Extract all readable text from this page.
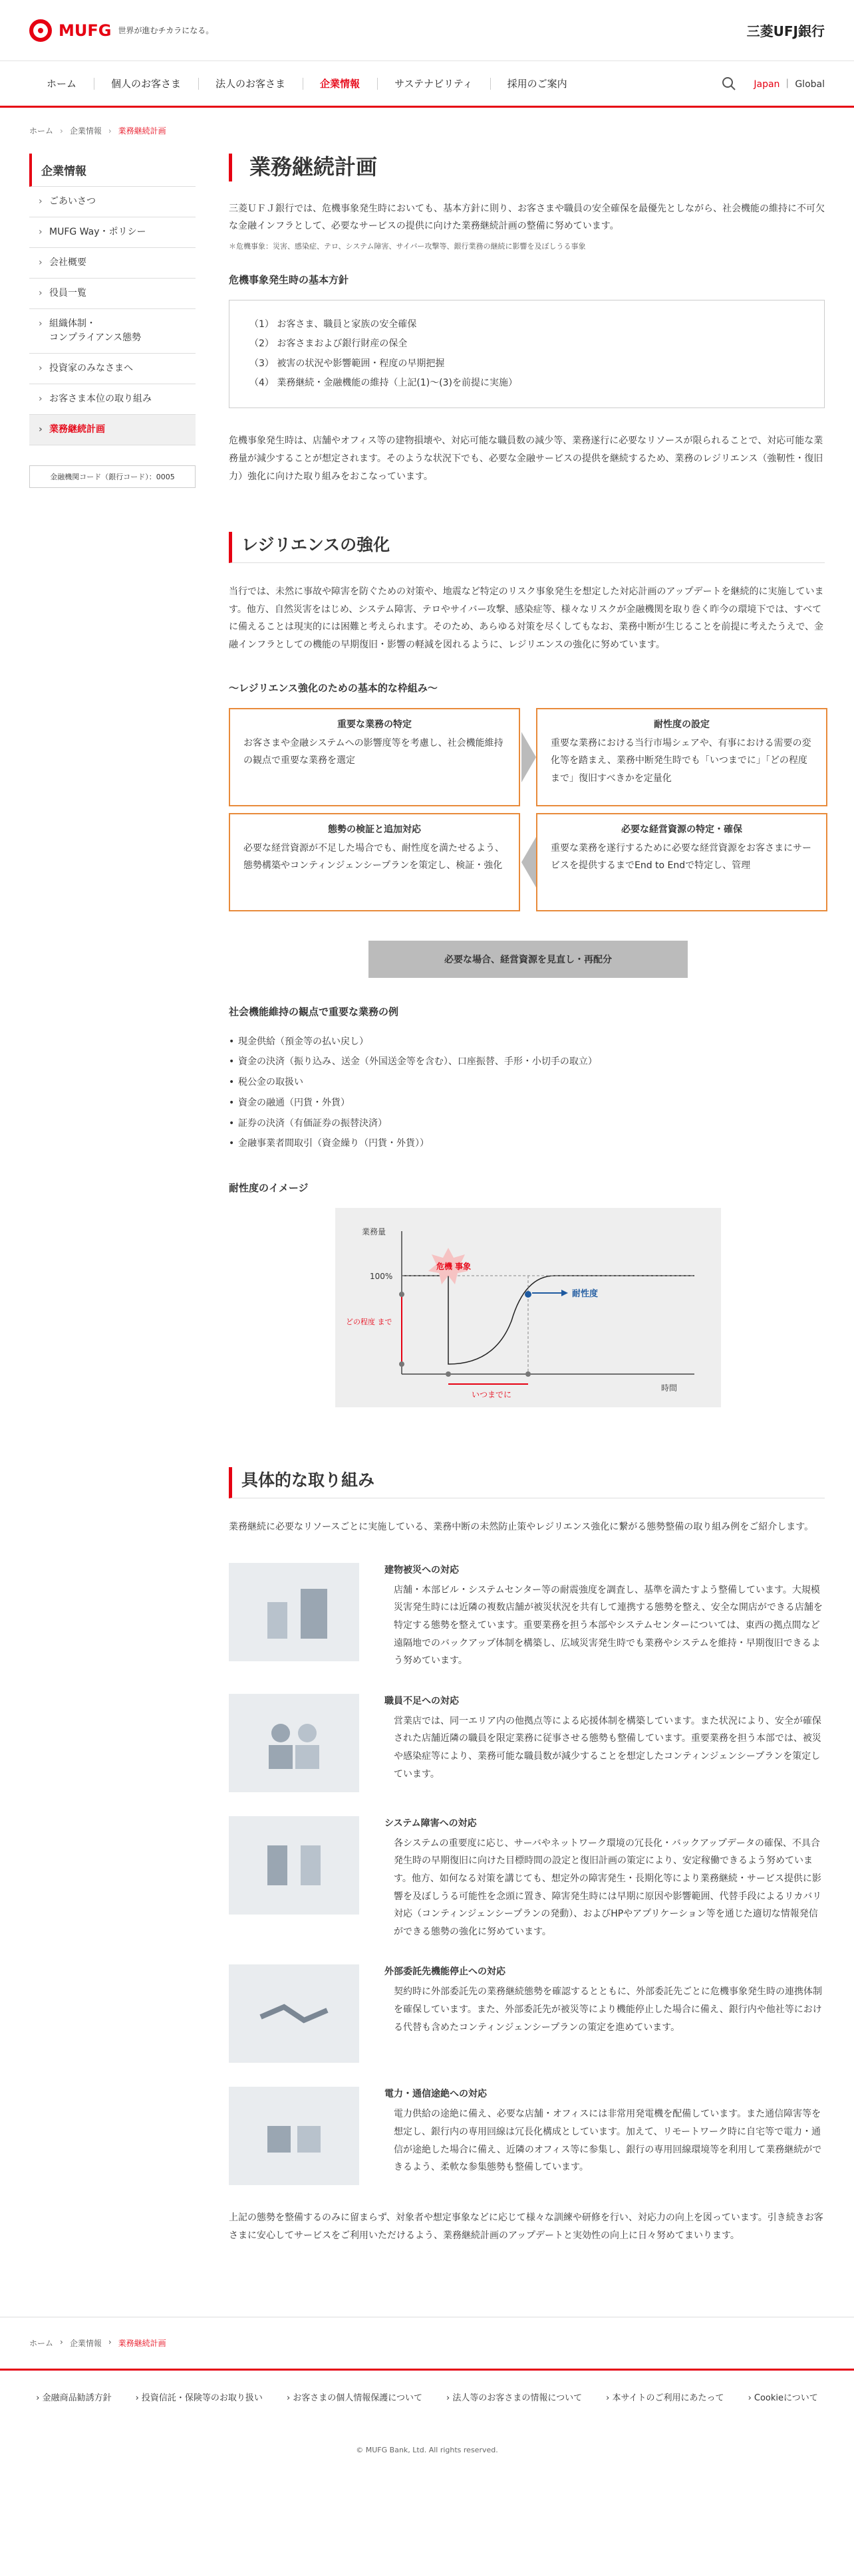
MUFG 世界が進むチカラになる。	三菱UFJ銀行
ホーム	個人のお客さま	法人のお客さま	企業情報	サステナビリティ	採用のご案内	Japan ｜ Global
ホーム › 企業情報 › 業務継続計画
企業情報
› ごあいさつ
› MUFG Way・ポリシー
› 会社概要
› 役員一覧
› 組織体制・
コンプライアンス態勢
› 投資家のみなさまへ
› お客さま本位の取り組み
› 業務継続計画
金融機関コード（銀行コード）：0005
業務継続計画

三菱ＵＦＪ銀行では、危機事象発生時においても、基本方針に則り、お客さまや職員の安全確保を最優先としながら、社会機能の維持に不可欠な金融インフラとして、必要なサービスの提供に向けた業務継続計画の整備に努めています。

＊危機事象：災害、感染症、テロ、システム障害、サイバー攻撃等、銀行業務の継続に影響を及ぼしうる事象

危機事象発生時の基本方針
（1） お客さま、職員と家族の安全確保
（2） お客さまおよび銀行財産の保全
（3） 被害の状況や影響範囲・程度の早期把握
（4） 業務継続・金融機能の維持（上記(1)〜(3)を前提に実施）

危機事象発生時は、店舗やオフィス等の建物損壊や、対応可能な職員数の減少等、業務遂行に必要なリソースが限られることで、対応可能な業務量が減少することが想定されます。そのような状況下でも、必要な金融サービスの提供を継続するため、業務のレジリエンス（強靭性・復旧力）強化に向けた取り組みをおこなっています。

レジリエンスの強化

当行では、未然に事故や障害を防ぐための対策や、地震など特定のリスク事象発生を想定した対応計画のアップデートを継続的に実施しています。他方、自然災害をはじめ、システム障害、テロやサイバー攻撃、感染症等、様々なリスクが金融機関を取り巻く昨今の環境下では、すべてに備えることは現実的には困難と考えられます。そのため、あらゆる対策を尽くしてもなお、業務中断が生じることを前提に考えたうえで、金融インフラとしての機能の早期復旧・影響の軽減を図れるように、レジリエンスの強化に努めています。

〜レジリエンス強化のための基本的な枠組み〜
重要な業務の特定

お客さまや金融システムへの影響度等を考慮し、社会機能維持の観点で重要な業務を選定

耐性度の設定

重要な業務における当行市場シェアや、有事における需要の変化等を踏まえ、業務中断発生時でも「いつまでに」「どの程度まで」復旧すべきかを定量化

態勢の検証と追加対応

必要な経営資源が不足した場合でも、耐性度を満たせるよう、態勢構築やコンティンジェンシープランを策定し、検証・強化

必要な経営資源の特定・確保

重要な業務を遂行するために必要な経営資源をお客さまにサービスを提供するまでEnd to Endで特定し、管理

必要な場合、経営資源を見直し・再配分
社会機能維持の観点で重要な業務の例
• 現金供給（預金等の払い戻し）
• 資金の決済（振り込み、送金（外国送金等を含む）、口座振替、手形・小切手の取立）
• 税公金の取扱い
• 資金の融通（円貨・外貨）
• 証券の決済（有価証券の振替決済）
• 金融事業者間取引（資金繰り（円貨・外貨））
耐性度のイメージ
業務量
時間
100%
危機 事象
耐性度
どの程度 まで
いつまでに
具体的な取り組み

業務継続に必要なリソースごとに実施している、業務中断の未然防止策やレジリエンス強化に繋がる態勢整備の取り組み例をご紹介します。

建物被災への対応

店舗・本部ビル・システムセンター等の耐震強度を調査し、基準を満たすよう整備しています。大規模災害発生時には近隣の複数店舗が被災状況を共有して連携する態勢を整え、安全な開店ができる店舗を特定する態勢を整えています。重要業務を担う本部やシステムセンターについては、東西の拠点間など遠隔地でのバックアップ体制を構築し、広域災害発生時でも業務やシステムを維持・早期復旧できるよう努めています。

職員不足への対応

営業店では、同一エリア内の他拠点等による応援体制を構築しています。また状況により、安全が確保された店舗近隣の職員を限定業務に従事させる態勢も整備しています。重要業務を担う本部では、被災や感染症等により、業務可能な職員数が減少することを想定したコンティンジェンシープランを策定しています。

システム障害への対応

各システムの重要度に応じ、サーバやネットワーク環境の冗長化・バックアップデータの確保、不具合発生時の早期復旧に向けた目標時間の設定と復旧計画の策定により、安定稼働できるよう努めています。他方、如何なる対策を講じても、想定外の障害発生・長期化等により業務継続・サービス提供に影響を及ぼしうる可能性を念頭に置き、障害発生時には早期に原因や影響範囲、代替手段によるリカバリ対応（コンティンジェンシープランの発動）、およびHPやアプリケーション等を通じた適切な情報発信ができる態勢の強化に努めています。

外部委託先機能停止への対応

契約時に外部委託先の業務継続態勢を確認するとともに、外部委託先ごとに危機事象発生時の連携体制を確保しています。また、外部委託先が被災等により機能停止した場合に備え、銀行内や他社等における代替も含めたコンティンジェンシープランの策定を進めています。

電力・通信途絶への対応

電力供給の途絶に備え、必要な店舗・オフィスには非常用発電機を配備しています。また通信障害等を想定し、銀行内の専用回線は冗長化構成としています。加えて、リモートワーク時に自宅等で電力・通信が途絶した場合に備え、近隣のオフィス等に参集し、銀行の専用回線環境等を利用して業務継続ができるよう、柔軟な参集態勢も整備しています。

上記の態勢を整備するのみに留まらず、対象者や想定事象などに応じて様々な訓練や研修を行い、対応力の向上を図っています。引き続きお客さまに安心してサービスをご利用いただけるよう、業務継続計画のアップデートと実効性の向上に日々努めてまいります。

ホーム › 企業情報 › 業務継続計画
› 金融商品勧誘方針	› 投資信託・保険等のお取り扱い	› お客さまの個人情報保護について	› 法人等のお客さまの情報について	› 本サイトのご利用にあたって	› Cookieについて
© MUFG Bank, Ltd. All rights reserved.
